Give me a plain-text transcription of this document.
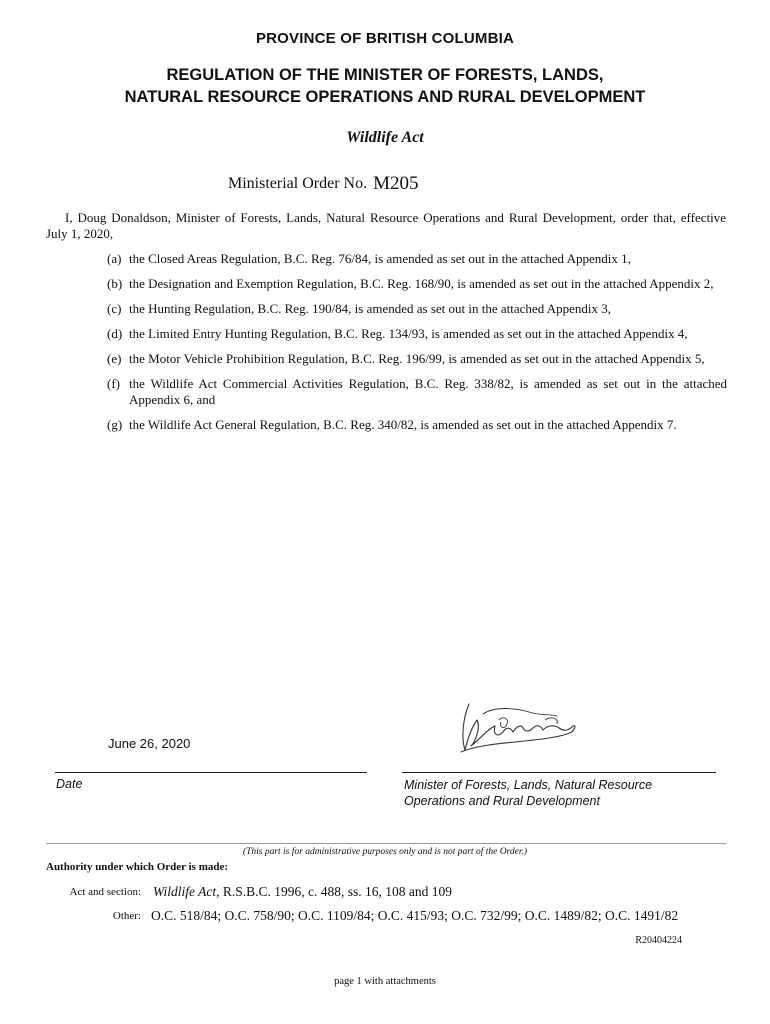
PROVINCE OF BRITISH COLUMBIA
REGULATION OF THE MINISTER OF FORESTS, LANDS,
NATURAL RESOURCE OPERATIONS AND RURAL DEVELOPMENT
Wildlife Act
Ministerial Order No. M205
I, Doug Donaldson, Minister of Forests, Lands, Natural Resource Operations and Rural Development, order that, effective July 1, 2020,
(a) the Closed Areas Regulation, B.C. Reg. 76/84, is amended as set out in the attached Appendix 1,
(b) the Designation and Exemption Regulation, B.C. Reg. 168/90, is amended as set out in the attached Appendix 2,
(c) the Hunting Regulation, B.C. Reg. 190/84, is amended as set out in the attached Appendix 3,
(d) the Limited Entry Hunting Regulation, B.C. Reg. 134/93, is amended as set out in the attached Appendix 4,
(e) the Motor Vehicle Prohibition Regulation, B.C. Reg. 196/99, is amended as set out in the attached Appendix 5,
(f) the Wildlife Act Commercial Activities Regulation, B.C. Reg. 338/82, is amended as set out in the attached Appendix 6, and
(g) the Wildlife Act General Regulation, B.C. Reg. 340/82, is amended as set out in the attached Appendix 7.
June 26, 2020
Date	Minister of Forests, Lands, Natural Resource
Operations and Rural Development
(This part is for administrative purposes only and is not part of the Order.)
Authority under which Order is made:
Act and section: Wildlife Act, R.S.B.C. 1996, c. 488, ss. 16, 108 and 109
Other: O.C. 518/84; O.C. 758/90; O.C. 1109/84; O.C. 415/93; O.C. 732/99; O.C. 1489/82; O.C. 1491/82
R20404224
page 1 with attachments
